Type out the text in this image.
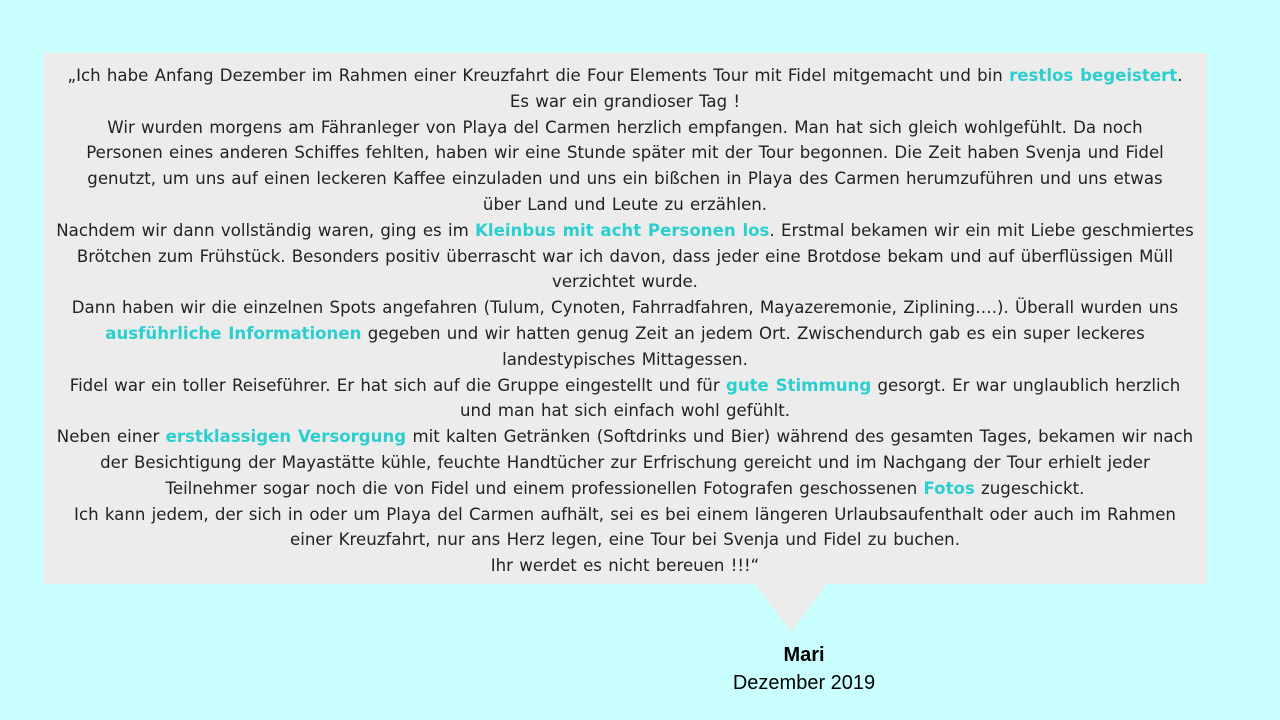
„Ich habe Anfang Dezember im Rahmen einer Kreuzfahrt die Four Elements Tour mit Fidel mitgemacht und bin restlos begeistert.
Es war ein grandioser Tag !
Wir wurden morgens am Fähranleger von Playa del Carmen herzlich empfangen. Man hat sich gleich wohlgefühlt. Da noch
Personen eines anderen Schiffes fehlten, haben wir eine Stunde später mit der Tour begonnen. Die Zeit haben Svenja und Fidel
genutzt, um uns auf einen leckeren Kaffee einzuladen und uns ein bißchen in Playa des Carmen herumzuführen und uns etwas
über Land und Leute zu erzählen.
Nachdem wir dann vollständig waren, ging es im Kleinbus mit acht Personen los. Erstmal bekamen wir ein mit Liebe geschmiertes
Brötchen zum Frühstück. Besonders positiv überrascht war ich davon, dass jeder eine Brotdose bekam und auf überflüssigen Müll
verzichtet wurde.
Dann haben wir die einzelnen Spots angefahren (Tulum, Cynoten, Fahrradfahren, Mayazeremonie, Ziplining….). Überall wurden uns
ausführliche Informationen gegeben und wir hatten genug Zeit an jedem Ort. Zwischendurch gab es ein super leckeres
landestypisches Mittagessen.
Fidel war ein toller Reiseführer. Er hat sich auf die Gruppe eingestellt und für gute Stimmung gesorgt. Er war unglaublich herzlich
und man hat sich einfach wohl gefühlt.
Neben einer erstklassigen Versorgung mit kalten Getränken (Softdrinks und Bier) während des gesamten Tages, bekamen wir nach
der Besichtigung der Mayastätte kühle, feuchte Handtücher zur Erfrischung gereicht und im Nachgang der Tour erhielt jeder
Teilnehmer sogar noch die von Fidel und einem professionellen Fotografen geschossenen Fotos zugeschickt.
Ich kann jedem, der sich in oder um Playa del Carmen aufhält, sei es bei einem längeren Urlaubsaufenthalt oder auch im Rahmen
einer Kreuzfahrt, nur ans Herz legen, eine Tour bei Svenja und Fidel zu buchen.
Ihr werdet es nicht bereuen !!!“
Mari
Dezember 2019
